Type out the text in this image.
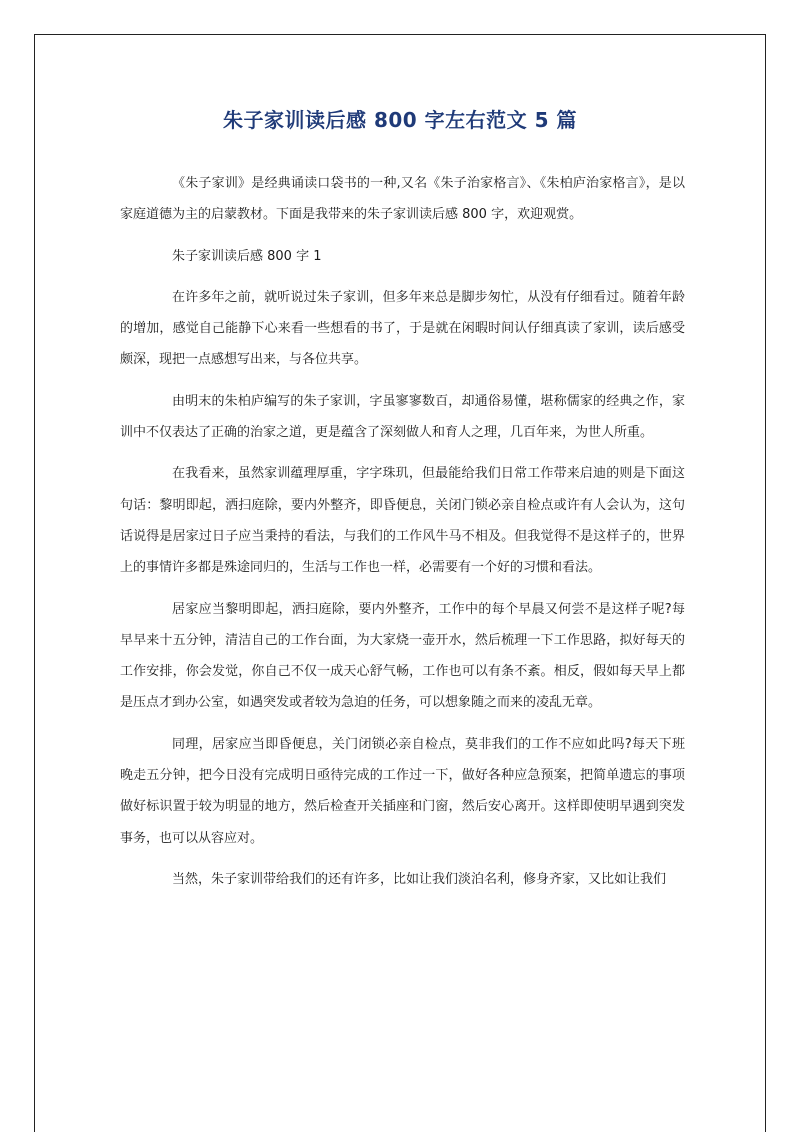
朱子家训读后感 800 字左右范文 5 篇

《朱子家训》是经典诵读口袋书的一种,又名《朱子治家格言》、《朱柏庐治家格言》，是以家庭道德为主的启蒙教材。下面是我带来的朱子家训读后感 800 字，欢迎观赏。

朱子家训读后感 800 字 1

在许多年之前，就听说过朱子家训，但多年来总是脚步匆忙，从没有仔细看过。随着年龄的增加，感觉自己能静下心来看一些想看的书了，于是就在闲暇时间认仔细真读了家训，读后感受颇深，现把一点感想写出来，与各位共享。

由明末的朱柏庐编写的朱子家训，字虽寥寥数百，却通俗易懂，堪称儒家的经典之作，家训中不仅表达了正确的治家之道，更是蕴含了深刻做人和育人之理，几百年来，为世人所重。

在我看来，虽然家训蕴理厚重，字字珠玑，但最能给我们日常工作带来启迪的则是下面这句话：黎明即起，洒扫庭除，要内外整齐，即昏便息，关闭门锁必亲自检点或许有人会认为，这句话说得是居家过日子应当秉持的看法，与我们的工作风牛马不相及。但我觉得不是这样子的，世界上的事情许多都是殊途同归的，生活与工作也一样，必需要有一个好的习惯和看法。

居家应当黎明即起，洒扫庭除，要内外整齐，工作中的每个早晨又何尝不是这样子呢?每早早来十五分钟，清洁自己的工作台面，为大家烧一壶开水，然后梳理一下工作思路，拟好每天的工作安排，你会发觉，你自己不仅一成天心舒气畅，工作也可以有条不紊。相反，假如每天早上都是压点才到办公室，如遇突发或者较为急迫的任务，可以想象随之而来的凌乱无章。

同理，居家应当即昏便息，关门闭锁必亲自检点，莫非我们的工作不应如此吗?每天下班晚走五分钟，把今日没有完成明日亟待完成的工作过一下，做好各种应急预案，把简单遗忘的事项做好标识置于较为明显的地方，然后检查开关插座和门窗，然后安心离开。这样即使明早遇到突发事务，也可以从容应对。

当然，朱子家训带给我们的还有许多，比如让我们淡泊名利，修身齐家，又比如让我们
